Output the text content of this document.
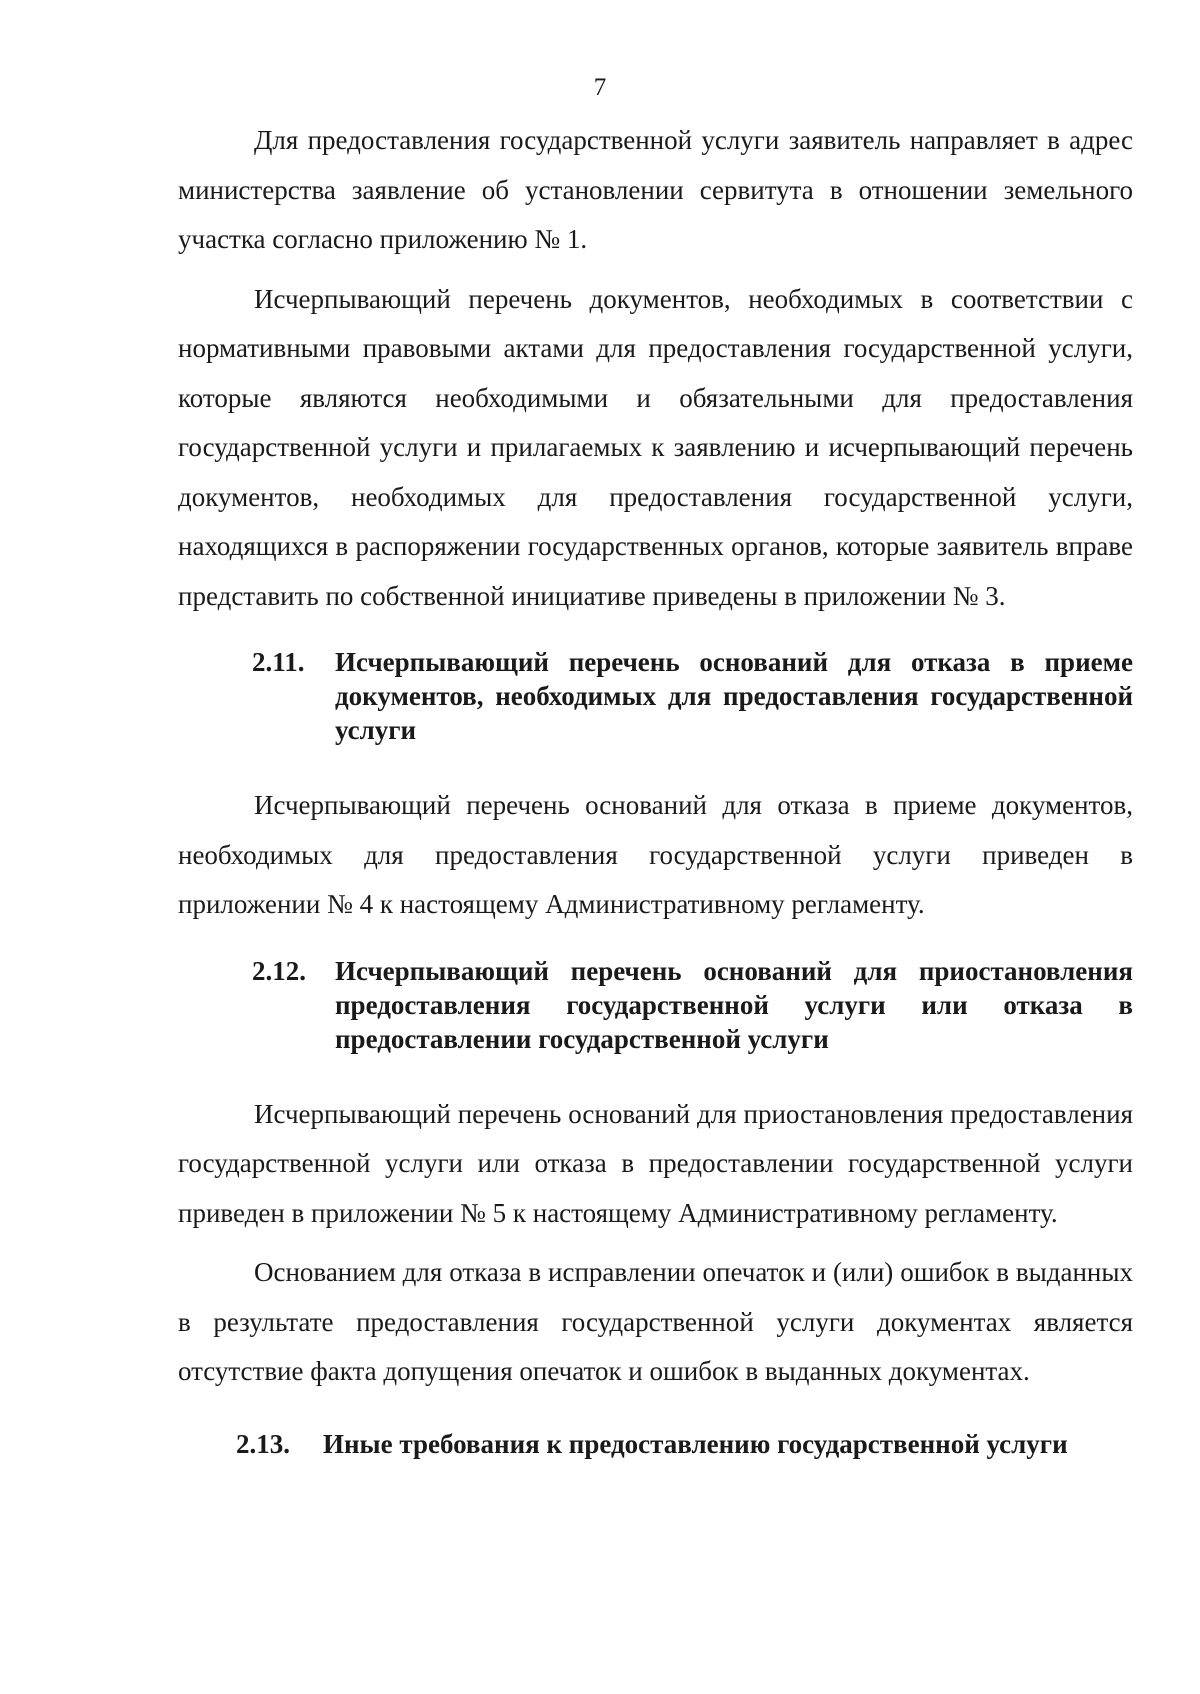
7

Для предоставления государственной услуги заявитель направляет в адрес министерства заявление об установлении сервитута в отношении земельного участка согласно приложению № 1.

Исчерпывающий перечень документов, необходимых в соответствии с нормативными правовыми актами для предоставления государственной услуги, которые являются необходимыми и обязательными для предоставления государственной услуги и прилагаемых к заявлению и исчерпывающий перечень документов, необходимых для предоставления государственной услуги, находящихся в распоряжении государственных органов, которые заявитель вправе представить по собственной инициативе приведены в приложении № 3.

2.11.	Исчерпывающий перечень оснований для отказа в приеме документов, необходимых для предоставления государственной услуги

Исчерпывающий перечень оснований для отказа в приеме документов, необходимых для предоставления государственной услуги приведен в приложении № 4 к настоящему Административному регламенту.

2.12.	Исчерпывающий перечень оснований для приостановления предоставления государственной услуги или отказа в предоставлении государственной услуги

Исчерпывающий перечень оснований для приостановления предоставления государственной услуги или отказа в предоставлении государственной услуги приведен в приложении № 5 к настоящему Административному регламенту.

Основанием для отказа в исправлении опечаток и (или) ошибок в выданных в результате предоставления государственной услуги документах является отсутствие факта допущения опечаток и ошибок в выданных документах.

2.13.	Иные требования к предоставлению государственной услуги
